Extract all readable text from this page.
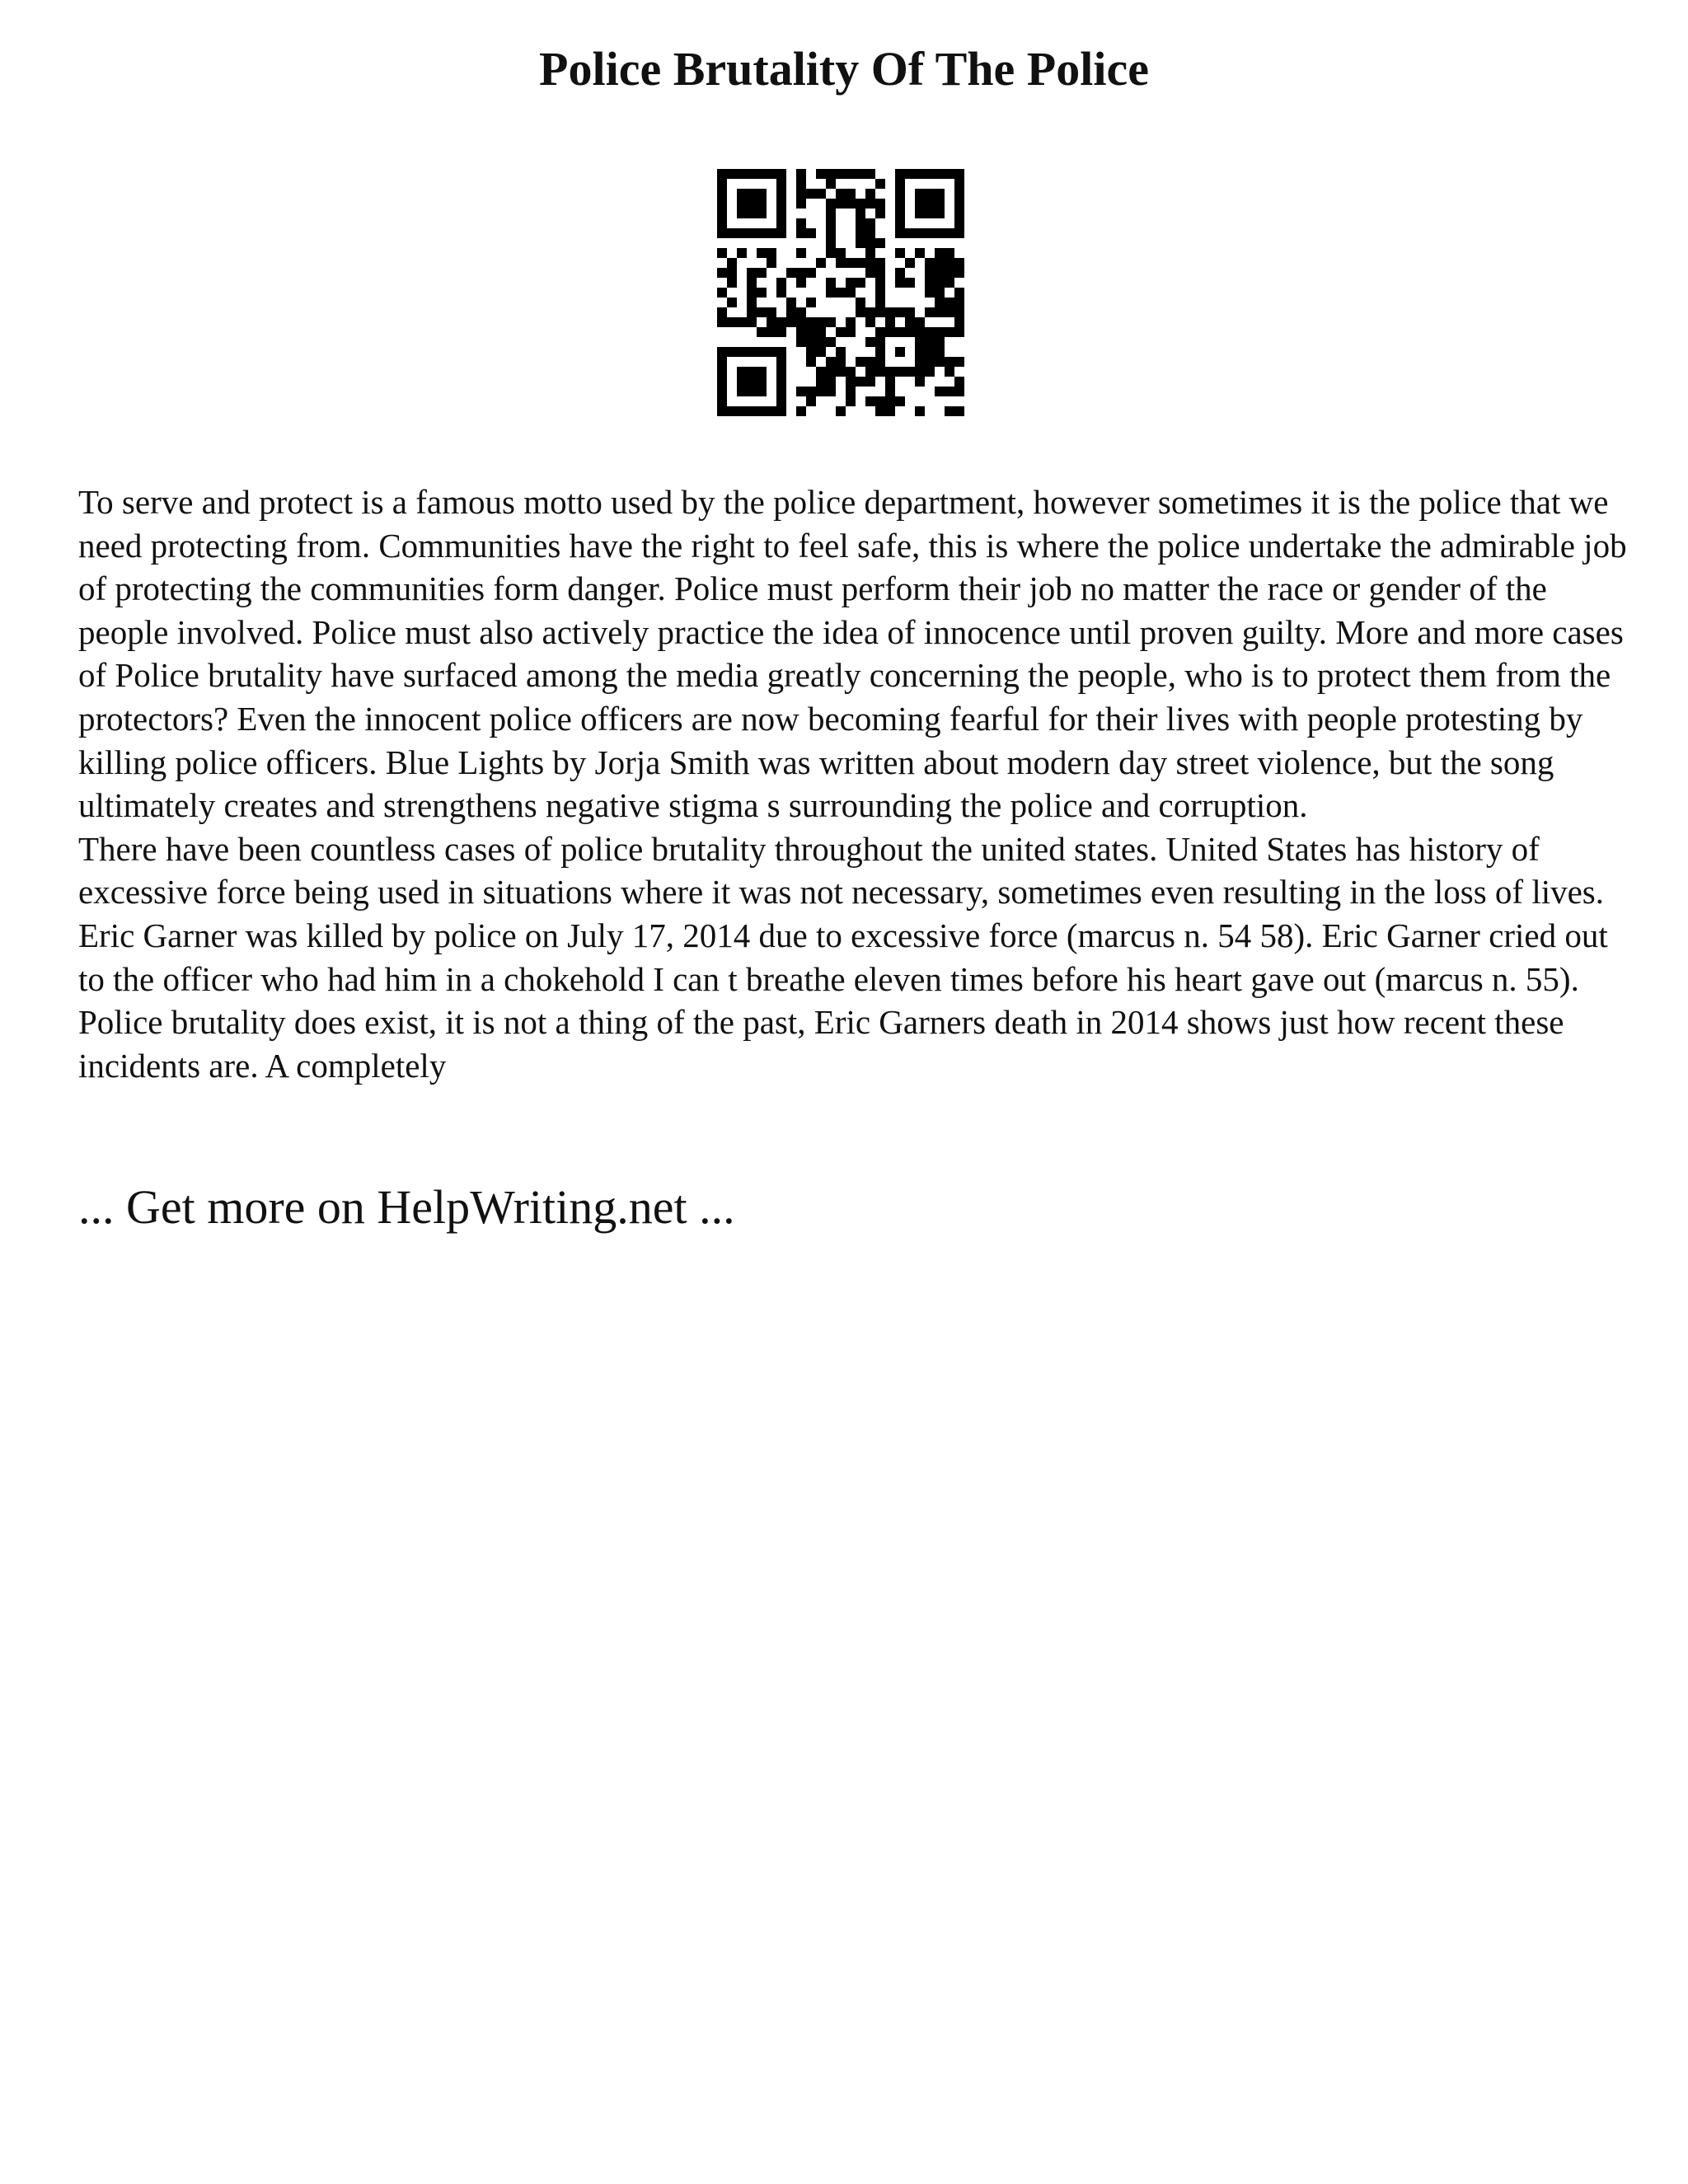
Police Brutality Of The Police

To serve and protect is a famous motto used by the police department, however sometimes it is the police that we need protecting from. Communities have the right to feel safe, this is where the police undertake the admirable job of protecting the communities form danger. Police must perform their job no matter the race or gender of the people involved. Police must also actively practice the idea of innocence until proven guilty. More and more cases of Police brutality have surfaced among the media greatly concerning the people, who is to protect them from the protectors? Even the innocent police officers are now becoming fearful for their lives with people protesting by killing police officers. Blue Lights by Jorja Smith was written about modern day street violence, but the song ultimately creates and strengthens negative stigma s surrounding the police and corruption.

There have been countless cases of police brutality throughout the united states. United States has history of excessive force being used in situations where it was not necessary, sometimes even resulting in the loss of lives. Eric Garner was killed by police on July 17, 2014 due to excessive force (marcus n. 54 58). Eric Garner cried out to the officer who had him in a chokehold I can t breathe eleven times before his heart gave out (marcus n. 55). Police brutality does exist, it is not a thing of the past, Eric Garners death in 2014 shows just how recent these incidents are. A completely

... Get more on HelpWriting.net ...
